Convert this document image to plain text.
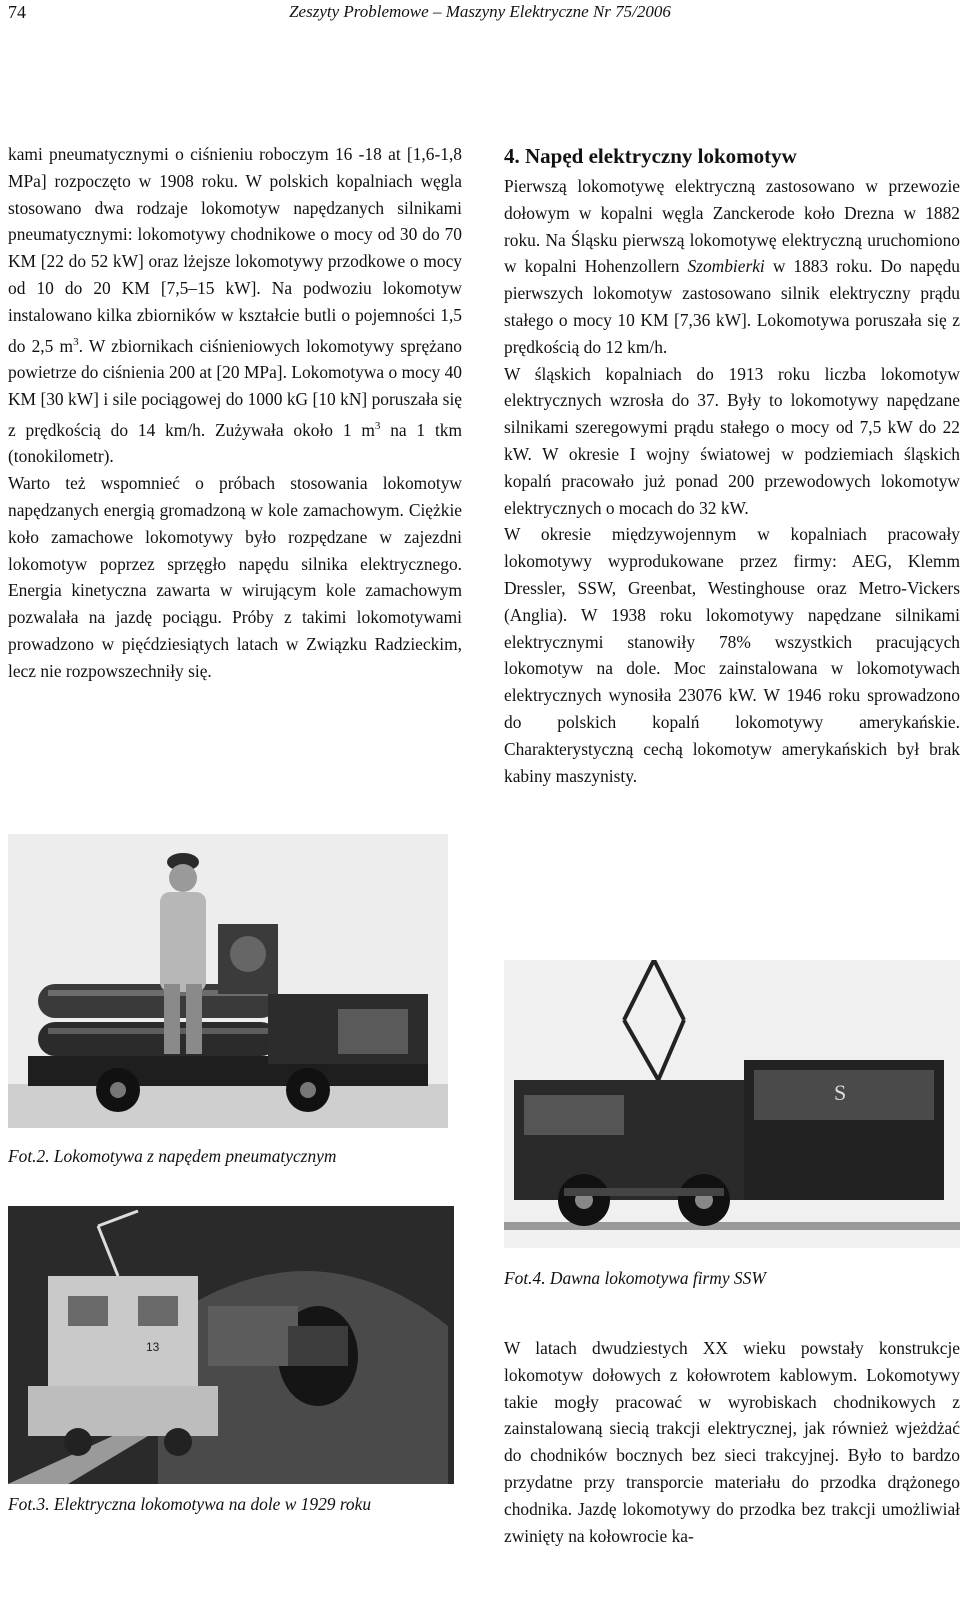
74	Zeszyty Problemowe – Maszyny Elektryczne Nr 75/2006

kami pneumatycznymi o ciśnieniu roboczym 16 -18 at [1,6-1,8 MPa] rozpoczęto w 1908 roku. W polskich kopalniach węgla stosowano dwa rodzaje lokomotyw napędzanych silnikami pneumatycznymi: lokomotywy chodnikowe o mocy od 30 do 70 KM [22 do 52 kW] oraz lżejsze lokomotywy przodkowe o mocy od 10 do 20 KM [7,5–15 kW]. Na podwoziu lokomotyw instalowano kilka zbiorników w kształcie butli o pojemności 1,5 do 2,5 $m^3$. W zbiornikach ciśnieniowych lokomotywy sprężano powietrze do ciśnienia 200 at [20 MPa]. Lokomotywa o mocy 40 KM [30 kW] i sile pociągowej do 1000 kG [10 kN] poruszała się z prędkością do 14 km/h. Zużywała około 1 $m^3$ na 1 tkm (tonokilometr).

Warto też wspomnieć o próbach stosowania lokomotyw napędzanych energią gromadzoną w kole zamachowym. Ciężkie koło zamachowe lokomotywy było rozpędzane w zajezdni lokomotyw poprzez sprzęgło napędu silnika elektrycznego. Energia kinetyczna zawarta w wirującym kole zamachowym pozwalała na jazdę pociągu. Próby z takimi lokomotywami prowadzono w pięćdziesiątych latach w Związku Radzieckim, lecz nie rozpowszechniły się.

Fot.2. Lokomotywa z napędem pneumatycznym
13
Fot.3. Elektryczna lokomotywa na dole w 1929 roku
4. Napęd elektryczny lokomotyw

Pierwszą lokomotywę elektryczną zastosowano w przewozie dołowym w kopalni węgla Zanckerode koło Drezna w 1882 roku. Na Śląsku pierwszą lokomotywę elektryczną uruchomiono w kopalni Hohenzollern Szombierki w 1883 roku. Do napędu pierwszych lokomotyw zastosowano silnik elektryczny prądu stałego o mocy 10 KM [7,36 kW]. Lokomotywa poruszała się z prędkością do 12 km/h.

W śląskich kopalniach do 1913 roku liczba lokomotyw elektrycznych wzrosła do 37. Były to lokomotywy napędzane silnikami szeregowymi prądu stałego o mocy od 7,5 kW do 22 kW. W okresie I wojny światowej w podziemiach śląskich kopalń pracowało już ponad 200 przewodowych lokomotyw elektrycznych o mocach do 32 kW.

W okresie międzywojennym w kopalniach pracowały lokomotywy wyprodukowane przez firmy: AEG, Klemm Dressler, SSW, Greenbat, Westinghouse oraz Metro-Vickers (Anglia). W 1938 roku lokomotywy napędzane silnikami elektrycznymi stanowiły 78% wszystkich pracujących lokomotyw na dole. Moc zainstalowana w lokomotywach elektrycznych wynosiła 23076 kW. W 1946 roku sprowadzono do polskich kopalń lokomotywy amerykańskie. Charakterystyczną cechą lokomotyw amerykańskich był brak kabiny maszynisty.

S
Fot.4. Dawna lokomotywa firmy SSW

W latach dwudziestych XX wieku powstały konstrukcje lokomotyw dołowych z kołowrotem kablowym. Lokomotywy takie mogły pracować w wyrobiskach chodnikowych z zainstalowaną siecią trakcji elektrycznej, jak również wjeżdżać do chodników bocznych bez sieci trakcyjnej. Było to bardzo przydatne przy transporcie materiału do przodka drążonego chodnika. Jazdę lokomotywy do przodka bez trakcji umożliwiał zwinięty na kołowrocie ka-
